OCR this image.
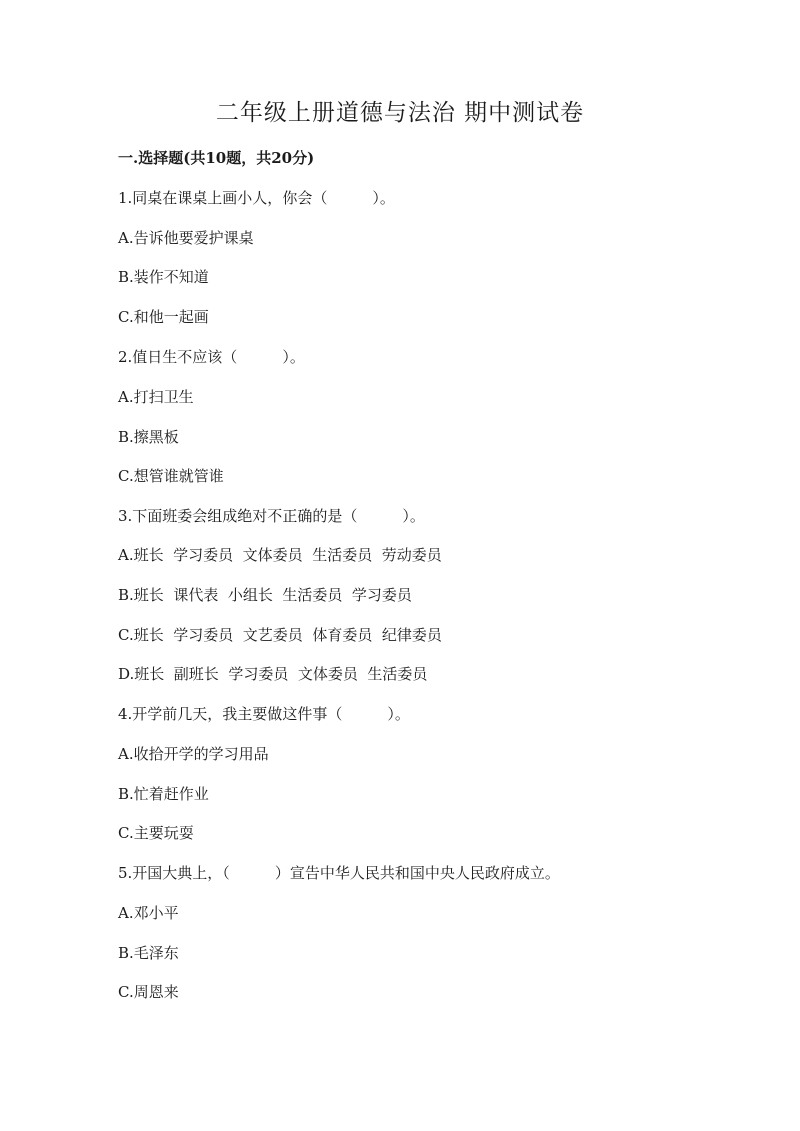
二年级上册道德与法治 期中测试卷
一.选择题(共10题，共20分)

1.同桌在课桌上画小人，你会（　　　）。

A.告诉他要爱护课桌

B.装作不知道

C.和他一起画

2.值日生不应该（　　　）。

A.打扫卫生

B.擦黑板

C.想管谁就管谁

3.下面班委会组成绝对不正确的是（　　　）。

A.班长  学习委员  文体委员  生活委员  劳动委员

B.班长  课代表  小组长  生活委员  学习委员

C.班长  学习委员  文艺委员  体育委员  纪律委员

D.班长  副班长  学习委员  文体委员  生活委员

4.开学前几天，我主要做这件事（　　　）。

A.收拾开学的学习用品

B.忙着赶作业

C.主要玩耍

5.开国大典上，（　　　）宣告中华人民共和国中央人民政府成立。

A.邓小平

B.毛泽东

C.周恩来
